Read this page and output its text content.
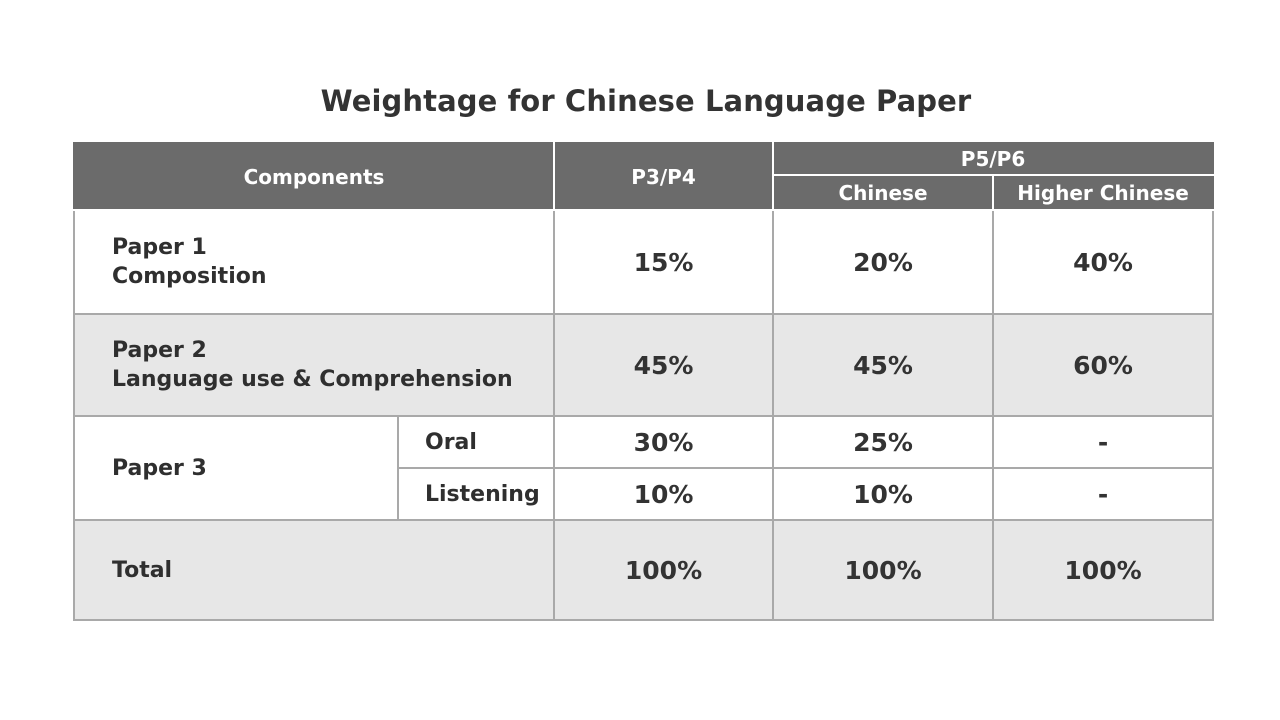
Weightage for Chinese Language Paper
Components		P3/P4	P5/P6	
			Chinese	Higher Chinese

Paper 1
Composition		15%	20%	40%

Paper 2
Language use & Comprehension		45%	45%	60%
Paper 3	Oral	30%	25%	-
	Listening	10%	10%	-
Total		100%	100%	100%
